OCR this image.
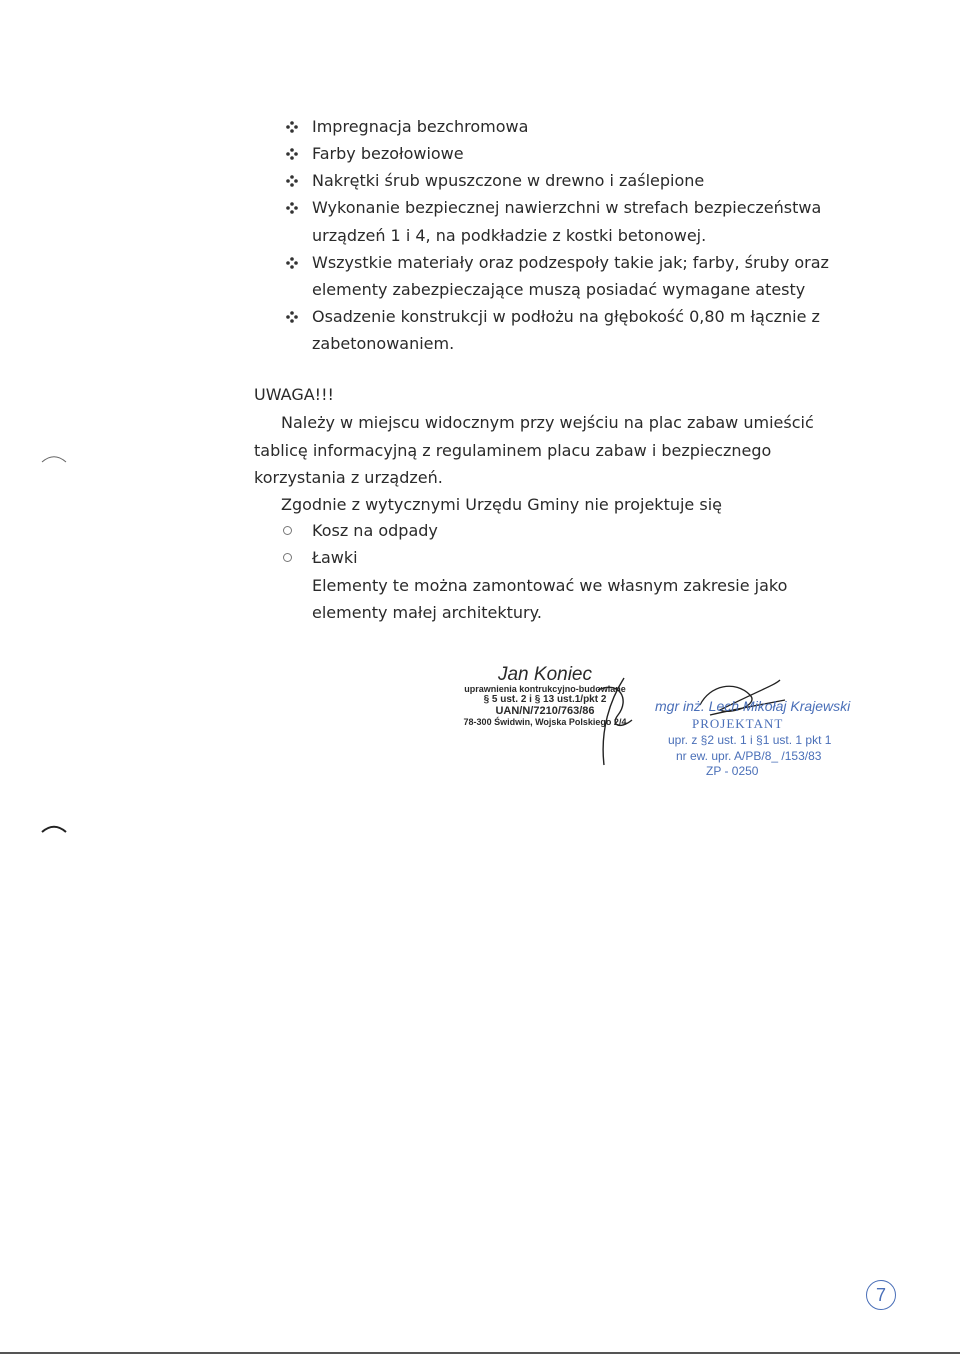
Impregnacja bezchromowa
Farby bezołowiowe
Nakrętki śrub wpuszczone w drewno i zaślepione
Wykonanie bezpiecznej nawierzchni w strefach bezpieczeństwa
urządzeń 1 i 4, na podkładzie z kostki betonowej.
Wszystkie materiały oraz podzespoły takie jak; farby, śruby oraz
elementy zabezpieczające muszą posiadać wymagane atesty
Osadzenie konstrukcji w podłożu na głębokość 0,80 m łącznie z
zabetonowaniem.
UWAGA!!!
Należy w miejscu widocznym przy wejściu na plac zabaw umieścić
tablicę informacyjną z regulaminem placu zabaw i bezpiecznego
korzystania z urządzeń.
Zgodnie z wytycznymi Urzędu Gminy nie projektuje się
Kosz na odpady
Ławki
Elementy te można zamontować we własnym zakresie jako
elementy małej architektury.
Jan Koniec
uprawnienia kontrukcyjno-budowlane
§ 5 ust. 2 i § 13 ust.1/pkt 2
UAN/N/7210/763/86
78-300 Świdwin, Wojska Polskiego 2/4
mgr inż. Lech Mikołaj Krajewski
PROJEKTANT
upr. z §2 ust. 1 i §1 ust. 1 pkt 1
nr ew. upr. A/PB/8_ /153/83
ZP - 0250
7
